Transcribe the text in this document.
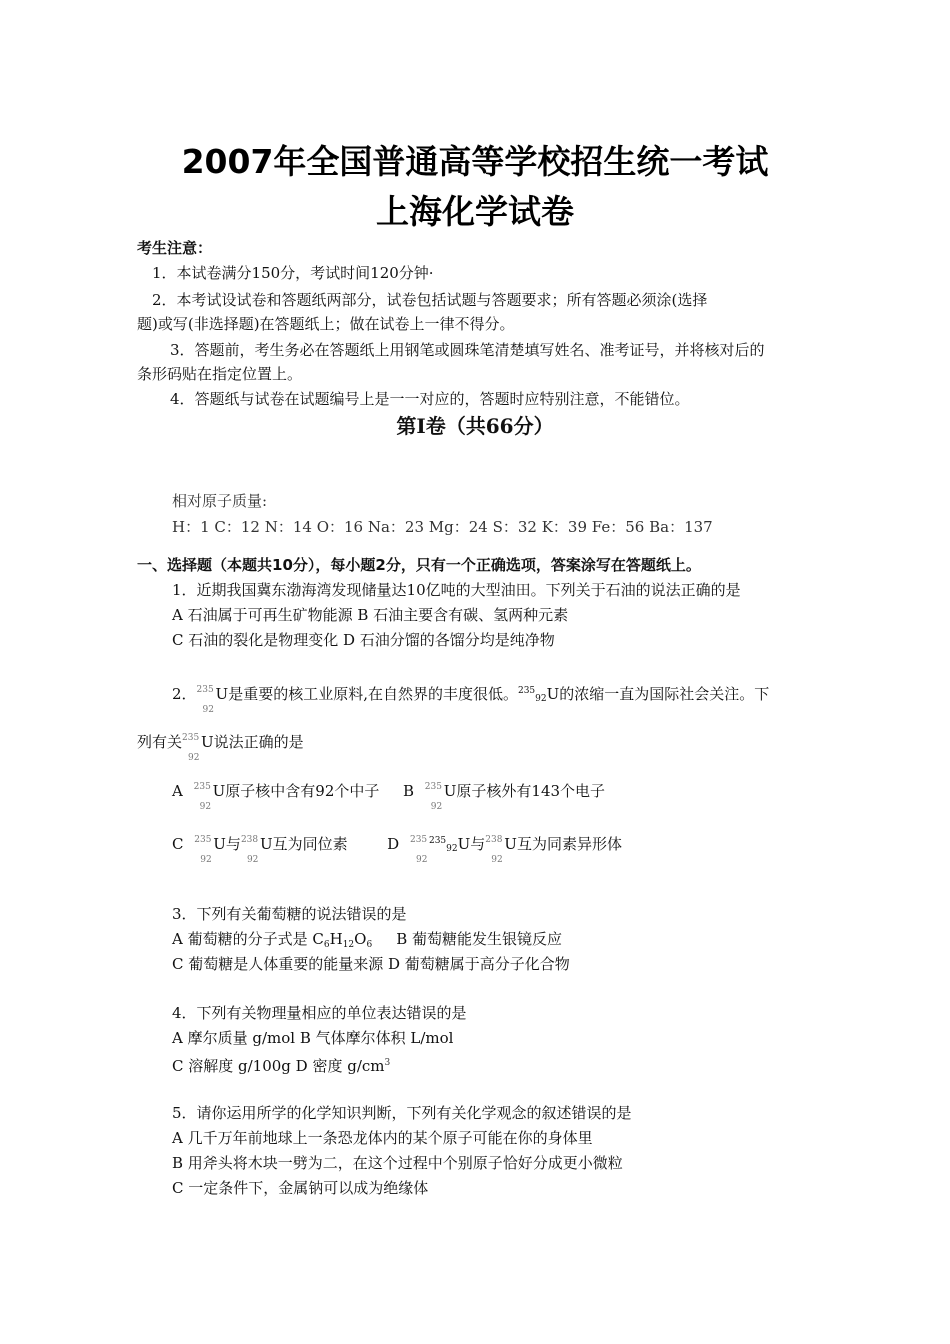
2007年全国普通高等学校招生统一考试
上海化学试卷
考生注意：
1．本试卷满分150分，考试时间120分钟·
2．本考试设试卷和答题纸两部分，试卷包括试题与答题要求；所有答题必须涂(选择
题)或写(非选择题)在答题纸上；做在试卷上一律不得分。
3．答题前，考生务必在答题纸上用钢笔或圆珠笔清楚填写姓名、准考证号，并将核对后的
条形码贴在指定位置上。
4．答题纸与试卷在试题编号上是一一对应的，答题时应特别注意，不能错位。
第I卷（共66分）
相对原子质量:
H：1 C：12 N：14 O：16 Na：23 Mg：24 S：32 K：39 Fe：56 Ba：137
一、选择题（本题共10分），每小题2分，只有一个正确选项，答案涂写在答题纸上。
1．近期我国冀东渤海湾发现储量达10亿吨的大型油田。下列关于石油的说法正确的是
A 石油属于可再生矿物能源 B 石油主要含有碳、氢两种元素
C 石油的裂化是物理变化 D 石油分馏的各馏分均是纯净物
2． 235
92
U是重要的核工业原料,在自然界的丰度很低。$^{235}$92U的浓缩一直为国际社会关注。下
列有关 235
92
U说法正确的是
A 235
92
U原子核中含有92个中子 B 235
92
U原子核外有143个电子
C 235
92
U与 238
92
U互为同位素	D 235
92
$^{235}$92U与 238
92
U互为同素异形体
3．下列有关葡萄糖的说法错误的是
A 葡萄糖的分子式是 $C_6H_{12}O_6$ B 葡萄糖能发生银镜反应
C 葡萄糖是人体重要的能量来源 D 葡萄糖属于高分子化合物
4．下列有关物理量相应的单位表达错误的是
A 摩尔质量 g/mol B 气体摩尔体积 L/mol
C 溶解度 g/100g D 密度 $g/cm^3$
5．请你运用所学的化学知识判断，下列有关化学观念的叙述错误的是
A 几千万年前地球上一条恐龙体内的某个原子可能在你的身体里
B 用斧头将木块一劈为二，在这个过程中个别原子恰好分成更小微粒
C 一定条件下，金属钠可以成为绝缘体
